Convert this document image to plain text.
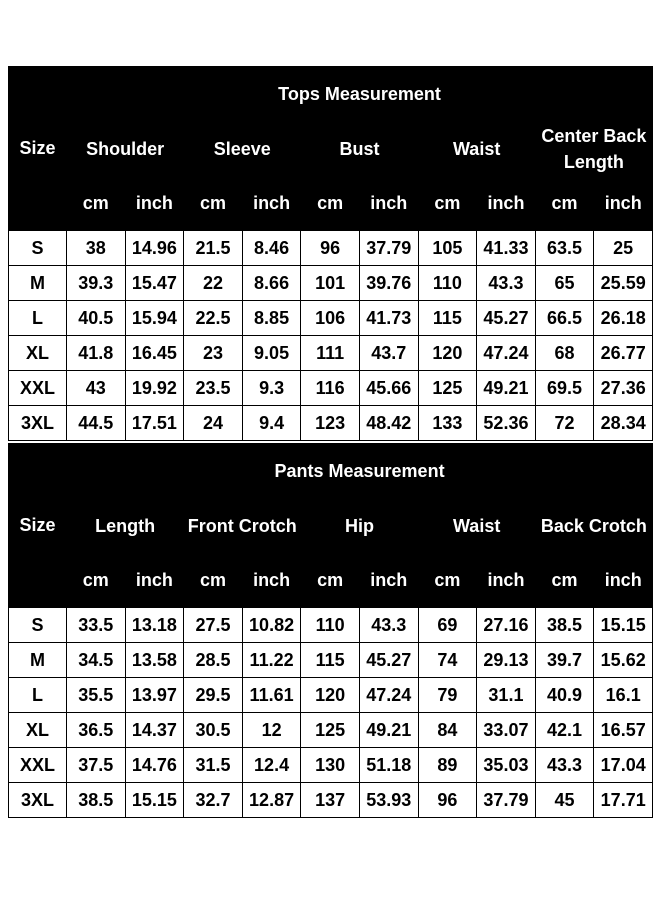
Size	Tops Measurement									
	Shoulder		Sleeve		Bust		Waist		Center Back Length	
	cm	inch	cm	inch	cm	inch	cm	inch	cm	inch
S	38	14.96	21.5	8.46	96	37.79	105	41.33	63.5	25
M	39.3	15.47	22	8.66	101	39.76	110	43.3	65	25.59
L	40.5	15.94	22.5	8.85	106	41.73	115	45.27	66.5	26.18
XL	41.8	16.45	23	9.05	111	43.7	120	47.24	68	26.77
XXL	43	19.92	23.5	9.3	116	45.66	125	49.21	69.5	27.36
3XL	44.5	17.51	24	9.4	123	48.42	133	52.36	72	28.34
Size	Pants Measurement									
	Length		Front Crotch		Hip		Waist		Back Crotch	
	cm	inch	cm	inch	cm	inch	cm	inch	cm	inch
S	33.5	13.18	27.5	10.82	110	43.3	69	27.16	38.5	15.15
M	34.5	13.58	28.5	11.22	115	45.27	74	29.13	39.7	15.62
L	35.5	13.97	29.5	11.61	120	47.24	79	31.1	40.9	16.1
XL	36.5	14.37	30.5	12	125	49.21	84	33.07	42.1	16.57
XXL	37.5	14.76	31.5	12.4	130	51.18	89	35.03	43.3	17.04
3XL	38.5	15.15	32.7	12.87	137	53.93	96	37.79	45	17.71
